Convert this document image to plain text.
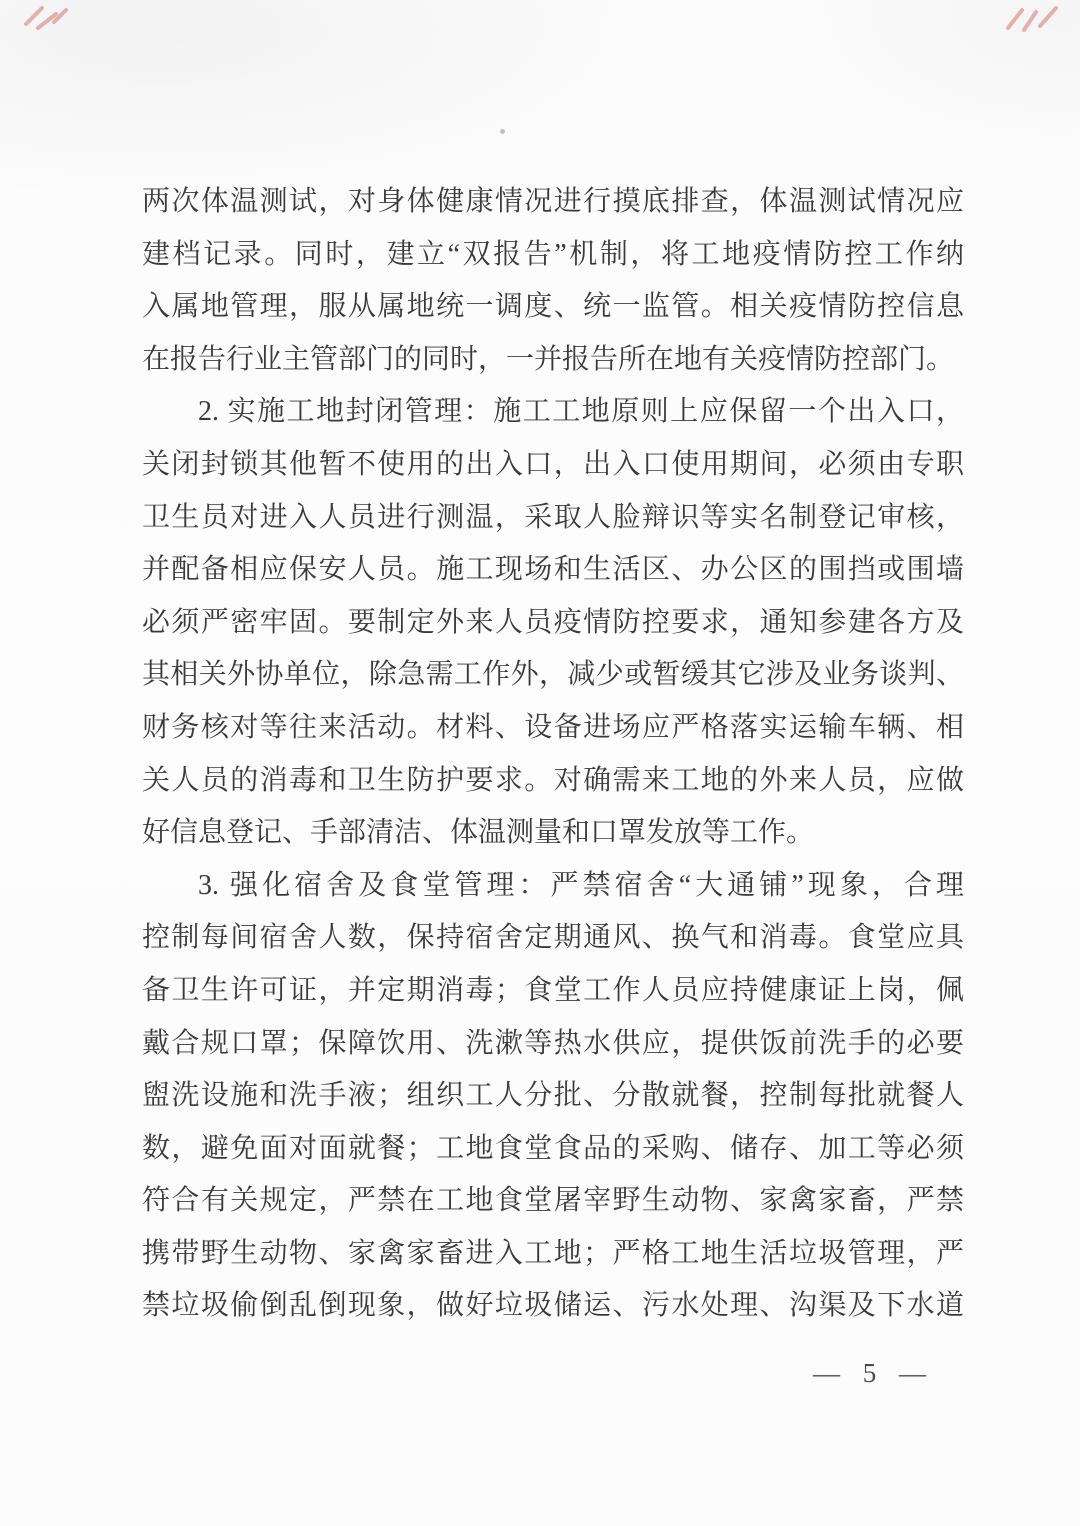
两次体温测试，对身体健康情况进行摸底排查，体温测试情况应
建档记录。同时，建立“双报告”机制，将工地疫情防控工作纳
入属地管理，服从属地统一调度、统一监管。相关疫情防控信息
在报告行业主管部门的同时，一并报告所在地有关疫情防控部门。
2. 实施工地封闭管理：施工工地原则上应保留一个出入口，
关闭封锁其他暂不使用的出入口，出入口使用期间，必须由专职
卫生员对进入人员进行测温，采取人脸辩识等实名制登记审核，
并配备相应保安人员。施工现场和生活区、办公区的围挡或围墙
必须严密牢固。要制定外来人员疫情防控要求，通知参建各方及
其相关外协单位，除急需工作外，减少或暂缓其它涉及业务谈判、
财务核对等往来活动。材料、设备进场应严格落实运输车辆、相
关人员的消毒和卫生防护要求。对确需来工地的外来人员，应做
好信息登记、手部清洁、体温测量和口罩发放等工作。
3. 强化宿舍及食堂管理：严禁宿舍“大通铺”现象，合理
控制每间宿舍人数，保持宿舍定期通风、换气和消毒。食堂应具
备卫生许可证，并定期消毒；食堂工作人员应持健康证上岗，佩
戴合规口罩；保障饮用、洗漱等热水供应，提供饭前洗手的必要
盥洗设施和洗手液；组织工人分批、分散就餐，控制每批就餐人
数，避免面对面就餐；工地食堂食品的采购、储存、加工等必须
符合有关规定，严禁在工地食堂屠宰野生动物、家禽家畜，严禁
携带野生动物、家禽家畜进入工地；严格工地生活垃圾管理，严
禁垃圾偷倒乱倒现象，做好垃圾储运、污水处理、沟渠及下水道
— 5 —
